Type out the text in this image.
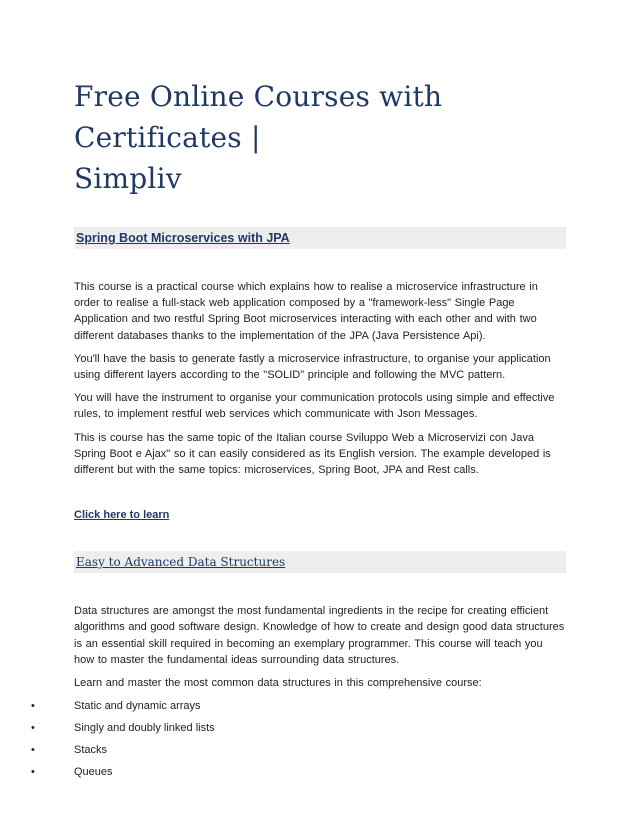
Free Online Courses with Certificates |
Simpliv
Spring Boot Microservices with JPA

This course is a practical course which explains how to realise a microservice infrastructure in order to realise a full-stack web application composed by a "framework-less" Single Page Application and two restful Spring Boot microservices interacting with each other and with two different databases thanks to the implementation of the JPA (Java Persistence Api).

You'll have the basis to generate fastly a microservice infrastructure, to organise your application using different layers according to the "SOLID" principle and following the MVC pattern.

You will have the instrument to organise your communication protocols using simple and effective rules, to implement restful web services which communicate with Json Messages.

This is course has the same topic of the Italian course Sviluppo Web a Microservizi con Java Spring Boot e Ajax" so it can easily considered as its English version. The example developed is different but with the same topics: microservices, Spring Boot, JPA and Rest calls.

Click here to learn
Easy to Advanced Data Structures

Data structures are amongst the most fundamental ingredients in the recipe for creating efficient algorithms and good software design. Knowledge of how to create and design good data structures is an essential skill required in becoming an exemplary programmer. This course will teach you how to master the fundamental ideas surrounding data structures.

Learn and master the most common data structures in this comprehensive course:

•	Static and dynamic arrays
•	Singly and doubly linked lists
•	Stacks
•	Queues
